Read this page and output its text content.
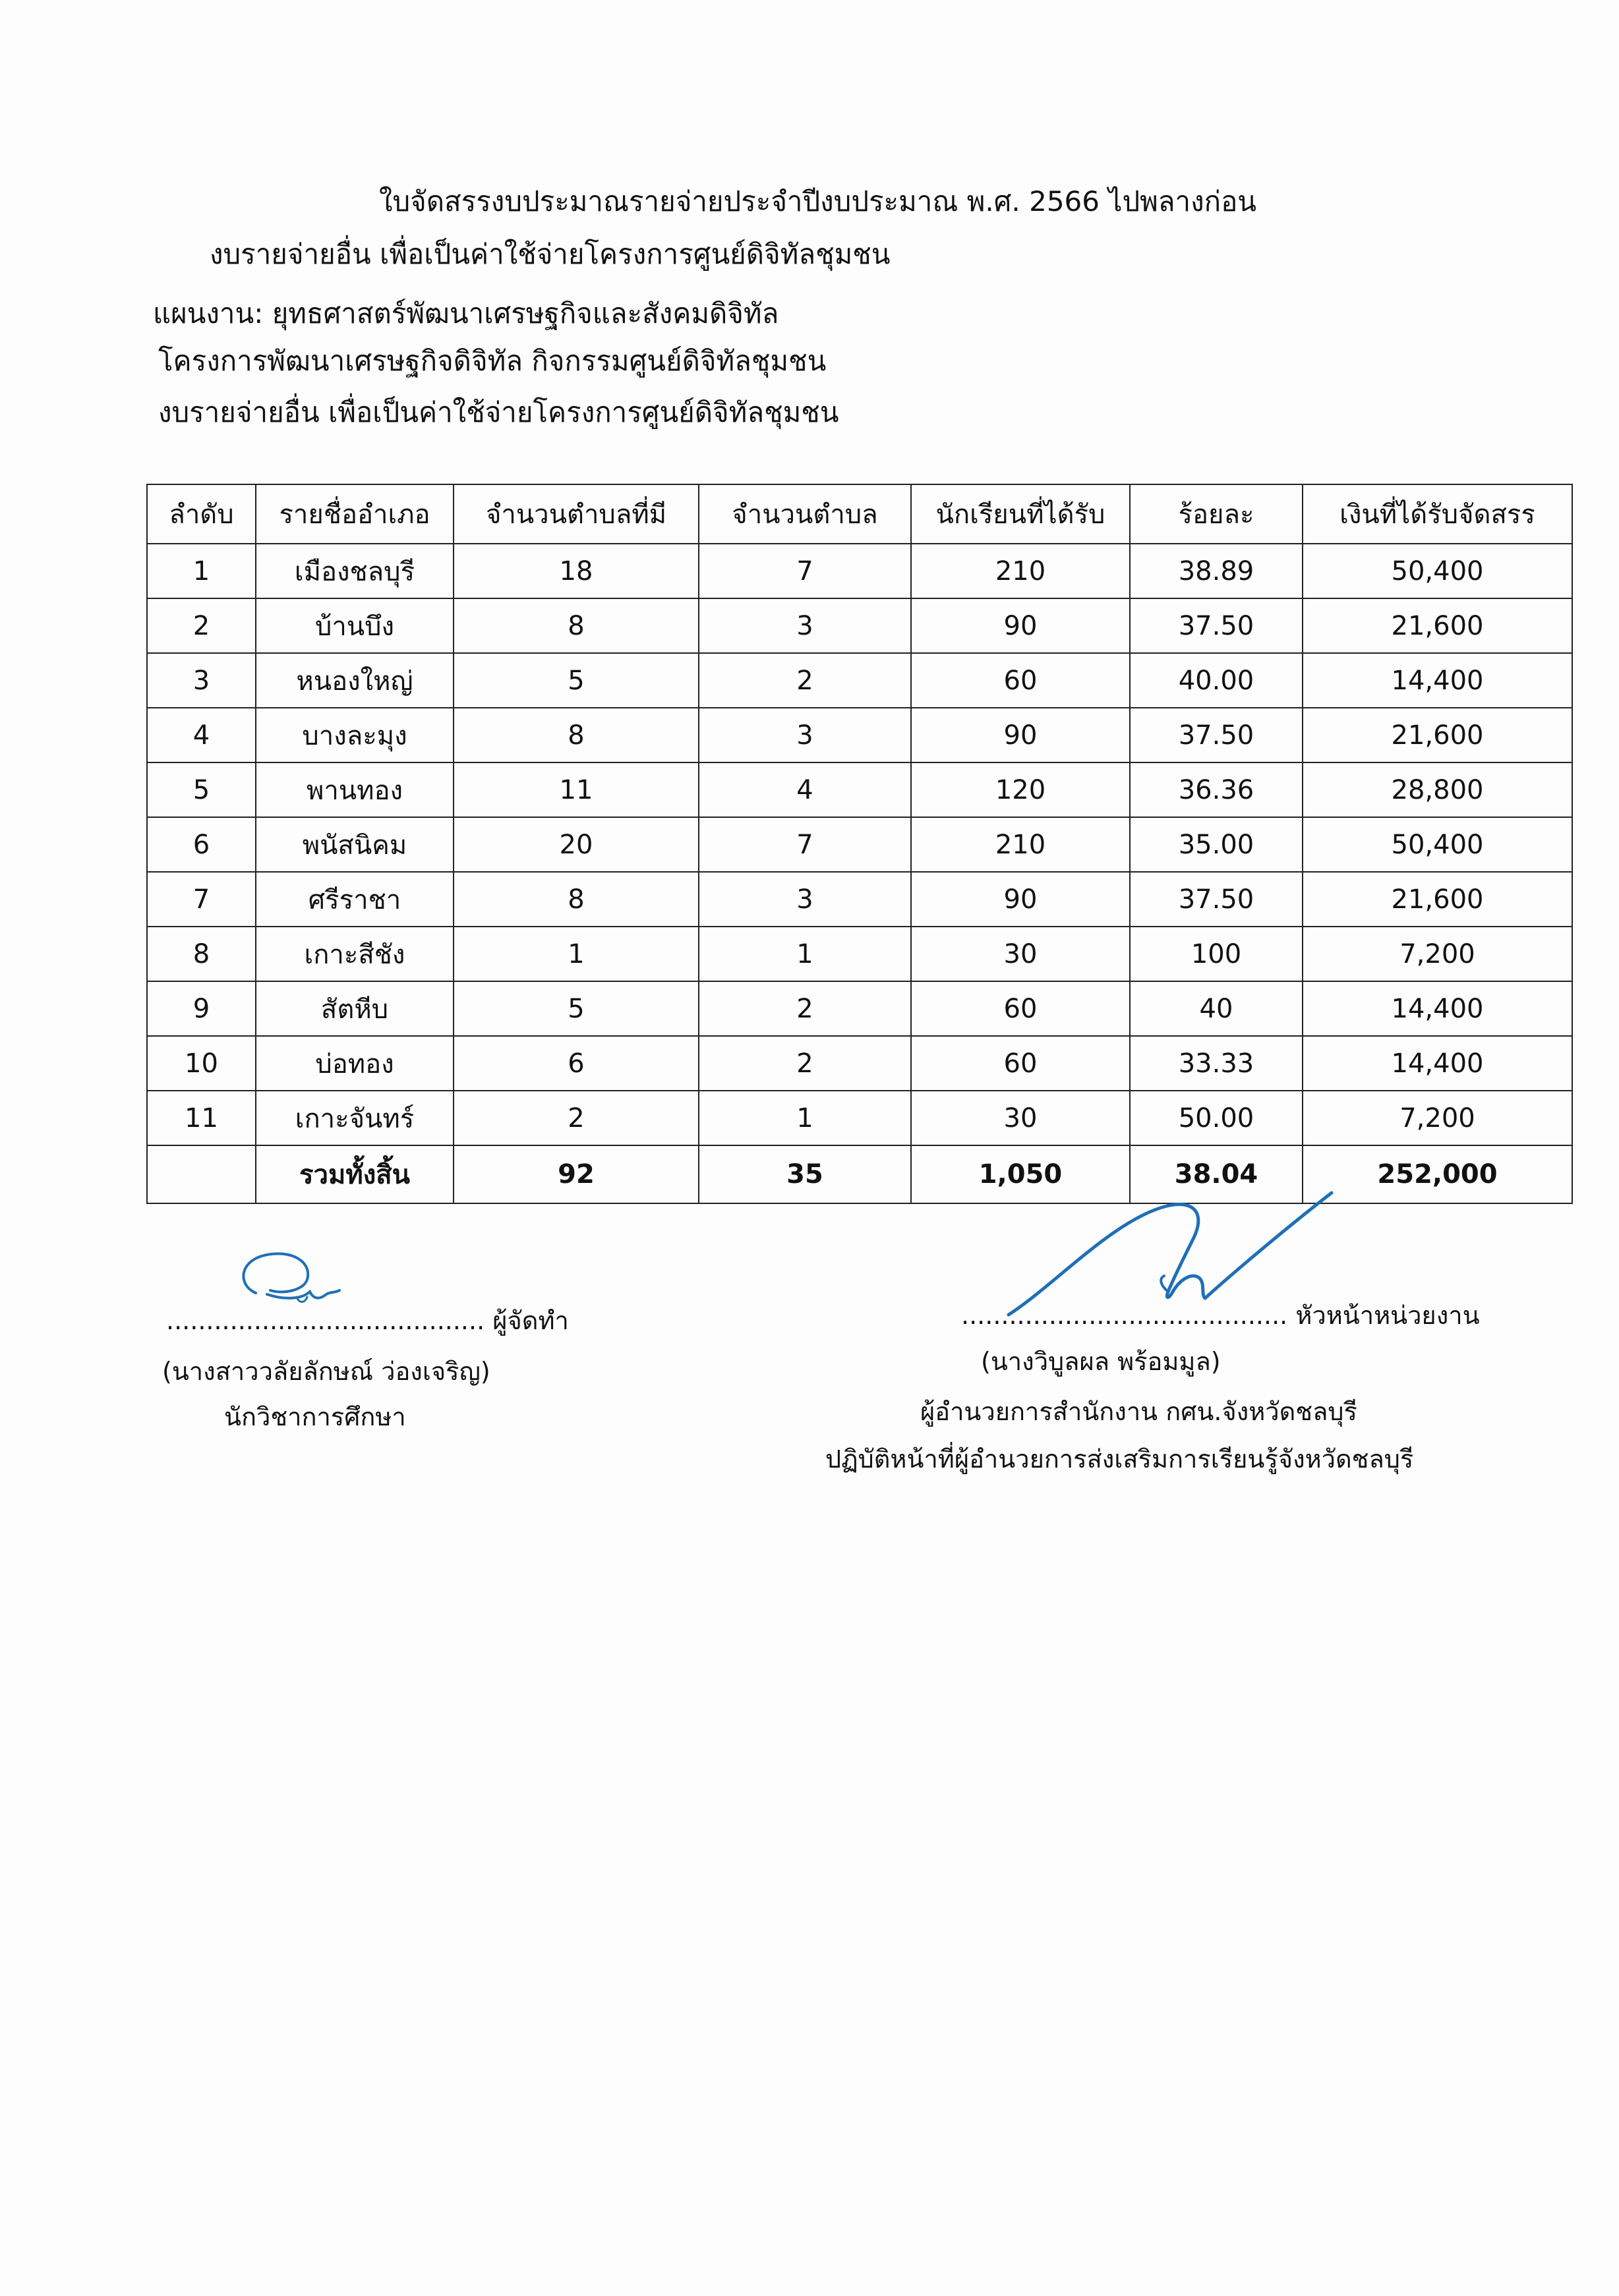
ใบจัดสรรงบประมาณรายจ่ายประจำปีงบประมาณ พ.ศ. 2566 ไปพลางก่อน
งบรายจ่ายอื่น เพื่อเป็นค่าใช้จ่ายโครงการศูนย์ดิจิทัลชุมชน
แผนงาน: ยุทธศาสตร์พัฒนาเศรษฐกิจและสังคมดิจิทัล
โครงการพัฒนาเศรษฐกิจดิจิทัล กิจกรรมศูนย์ดิจิทัลชุมชน
งบรายจ่ายอื่น เพื่อเป็นค่าใช้จ่ายโครงการศูนย์ดิจิทัลชุมชน
ลำดับ	รายชื่ออำเภอ	จำนวนตำบลที่มี	จำนวนตำบล	นักเรียนที่ได้รับ	ร้อยละ	เงินที่ได้รับจัดสรร
1	เมืองชลบุรี	18	7	210	38.89	50,400
2	บ้านบึง	8	3	90	37.50	21,600
3	หนองใหญ่	5	2	60	40.00	14,400
4	บางละมุง	8	3	90	37.50	21,600
5	พานทอง	11	4	120	36.36	28,800
6	พนัสนิคม	20	7	210	35.00	50,400
7	ศรีราชา	8	3	90	37.50	21,600
8	เกาะสีชัง	1	1	30	100	7,200
9	สัตหีบ	5	2	60	40	14,400
10	บ่อทอง	6	2	60	33.33	14,400
11	เกาะจันทร์	2	1	30	50.00	7,200
	รวมทั้งสิ้น	92	35	1,050	38.04	252,000
........................................ ผู้จัดทำ
(นางสาววลัยลักษณ์ ว่องเจริญ)
นักวิชาการศึกษา
......................................... หัวหน้าหน่วยงาน
(นางวิบูลผล พร้อมมูล)
ผู้อำนวยการสำนักงาน กศน.จังหวัดชลบุรี
ปฏิบัติหน้าที่ผู้อำนวยการส่งเสริมการเรียนรู้จังหวัดชลบุรี
